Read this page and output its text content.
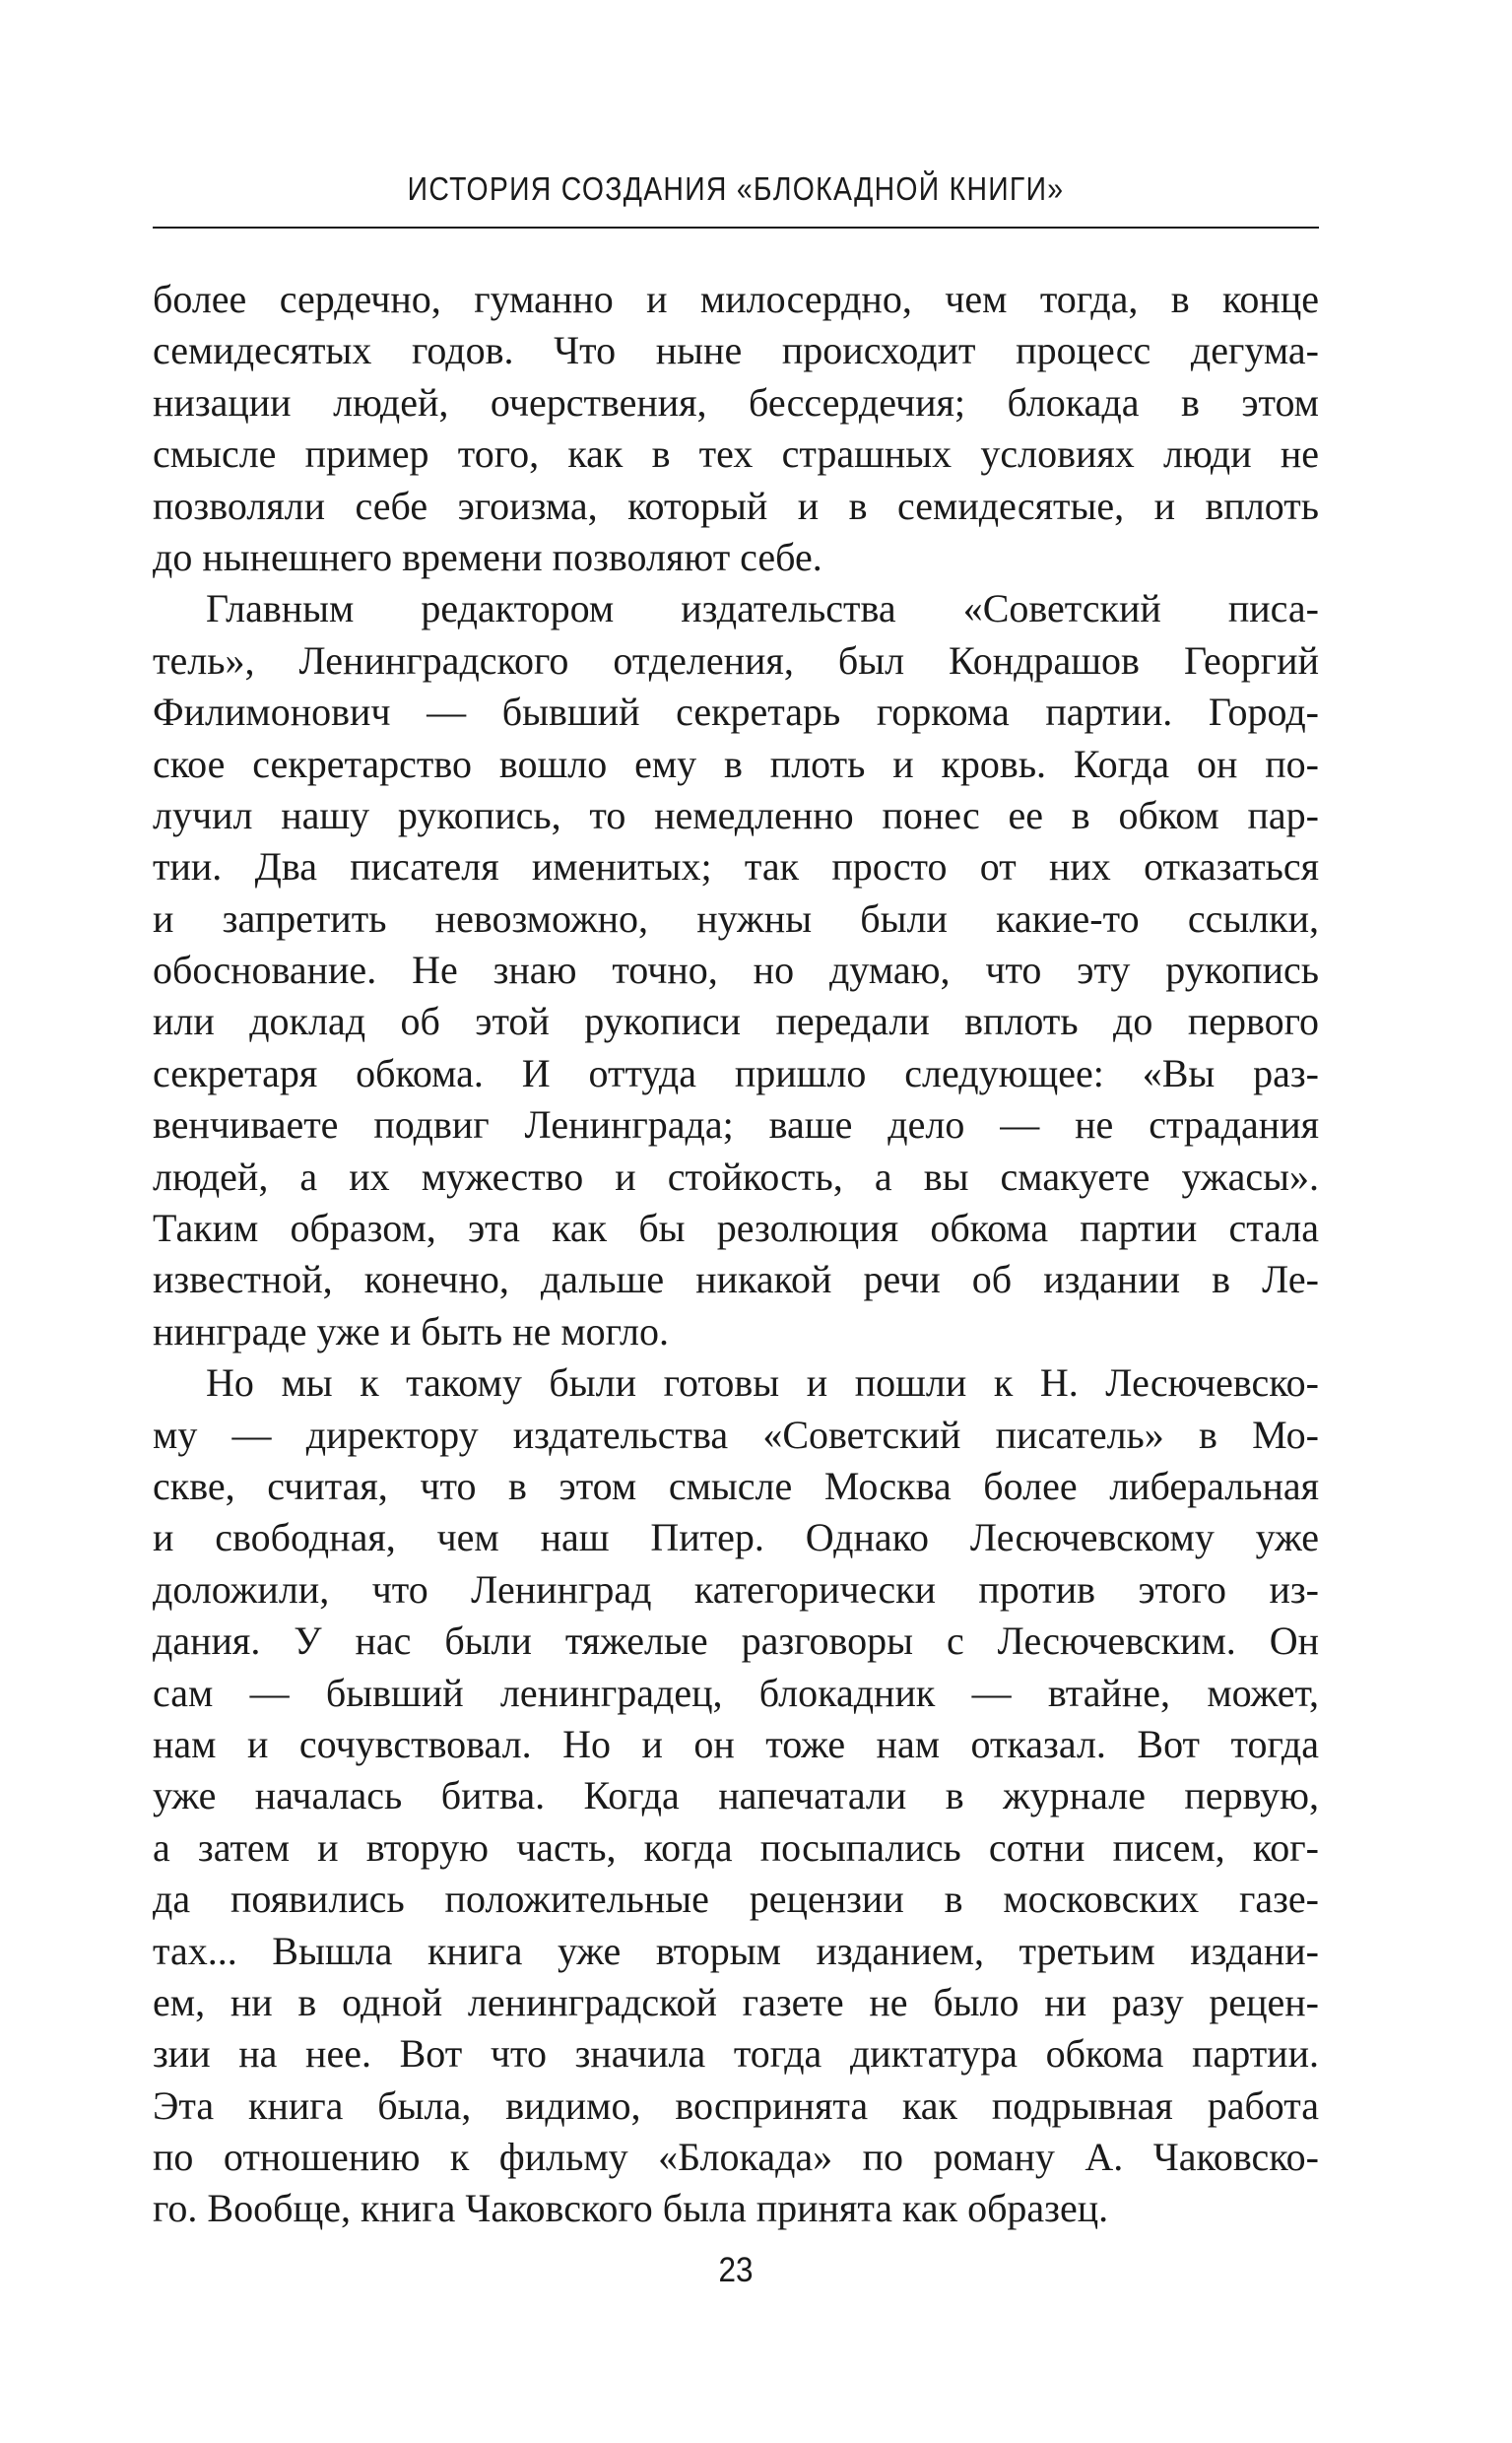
ИСТОРИЯ СОЗДАНИЯ «БЛОКАДНОЙ КНИГИ»
более сердечно, гуманно и милосердно, чем тогда, в конце
семидесятых годов. Что ныне происходит процесс дегума-
низации людей, очерствения, бессердечия; блокада в этом
смысле пример того, как в тех страшных условиях люди не
позволяли себе эгоизма, который и в семидесятые, и вплоть
до нынешнего времени позволяют себе.
Главным редактором издательства «Советский писа-
тель», Ленинградского отделения, был Кондрашов Георгий
Филимонович — бывший секретарь горкома партии. Город-
ское секретарство вошло ему в плоть и кровь. Когда он по-
лучил нашу рукопись, то немедленно понес ее в обком пар-
тии. Два писателя именитых; так просто от них отказаться
и запретить невозможно, нужны были какие-то ссылки,
обоснование. Не знаю точно, но думаю, что эту рукопись
или доклад об этой рукописи передали вплоть до первого
секретаря обкома. И оттуда пришло следующее: «Вы раз-
венчиваете подвиг Ленинграда; ваше дело — не страдания
людей, а их мужество и стойкость, а вы смакуете ужасы».
Таким образом, эта как бы резолюция обкома партии стала
известной, конечно, дальше никакой речи об издании в Ле-
нинграде уже и быть не могло.
Но мы к такому были готовы и пошли к Н. Лесючевско-
му — директору издательства «Советский писатель» в Мо-
скве, считая, что в этом смысле Москва более либеральная
и свободная, чем наш Питер. Однако Лесючевскому уже
доложили, что Ленинград категорически против этого из-
дания. У нас были тяжелые разговоры с Лесючевским. Он
сам — бывший ленинградец, блокадник — втайне, может,
нам и сочувствовал. Но и он тоже нам отказал. Вот тогда
уже началась битва. Когда напечатали в журнале первую,
а затем и вторую часть, когда посыпались сотни писем, ког-
да появились положительные рецензии в московских газе-
тах... Вышла книга уже вторым изданием, третьим издани-
ем, ни в одной ленинградской газете не было ни разу рецен-
зии на нее. Вот что значила тогда диктатура обкома партии.
Эта книга была, видимо, воспринята как подрывная работа
по отношению к фильму «Блокада» по роману А. Чаковско-
го. Вообще, книга Чаковского была принята как образец.
23
